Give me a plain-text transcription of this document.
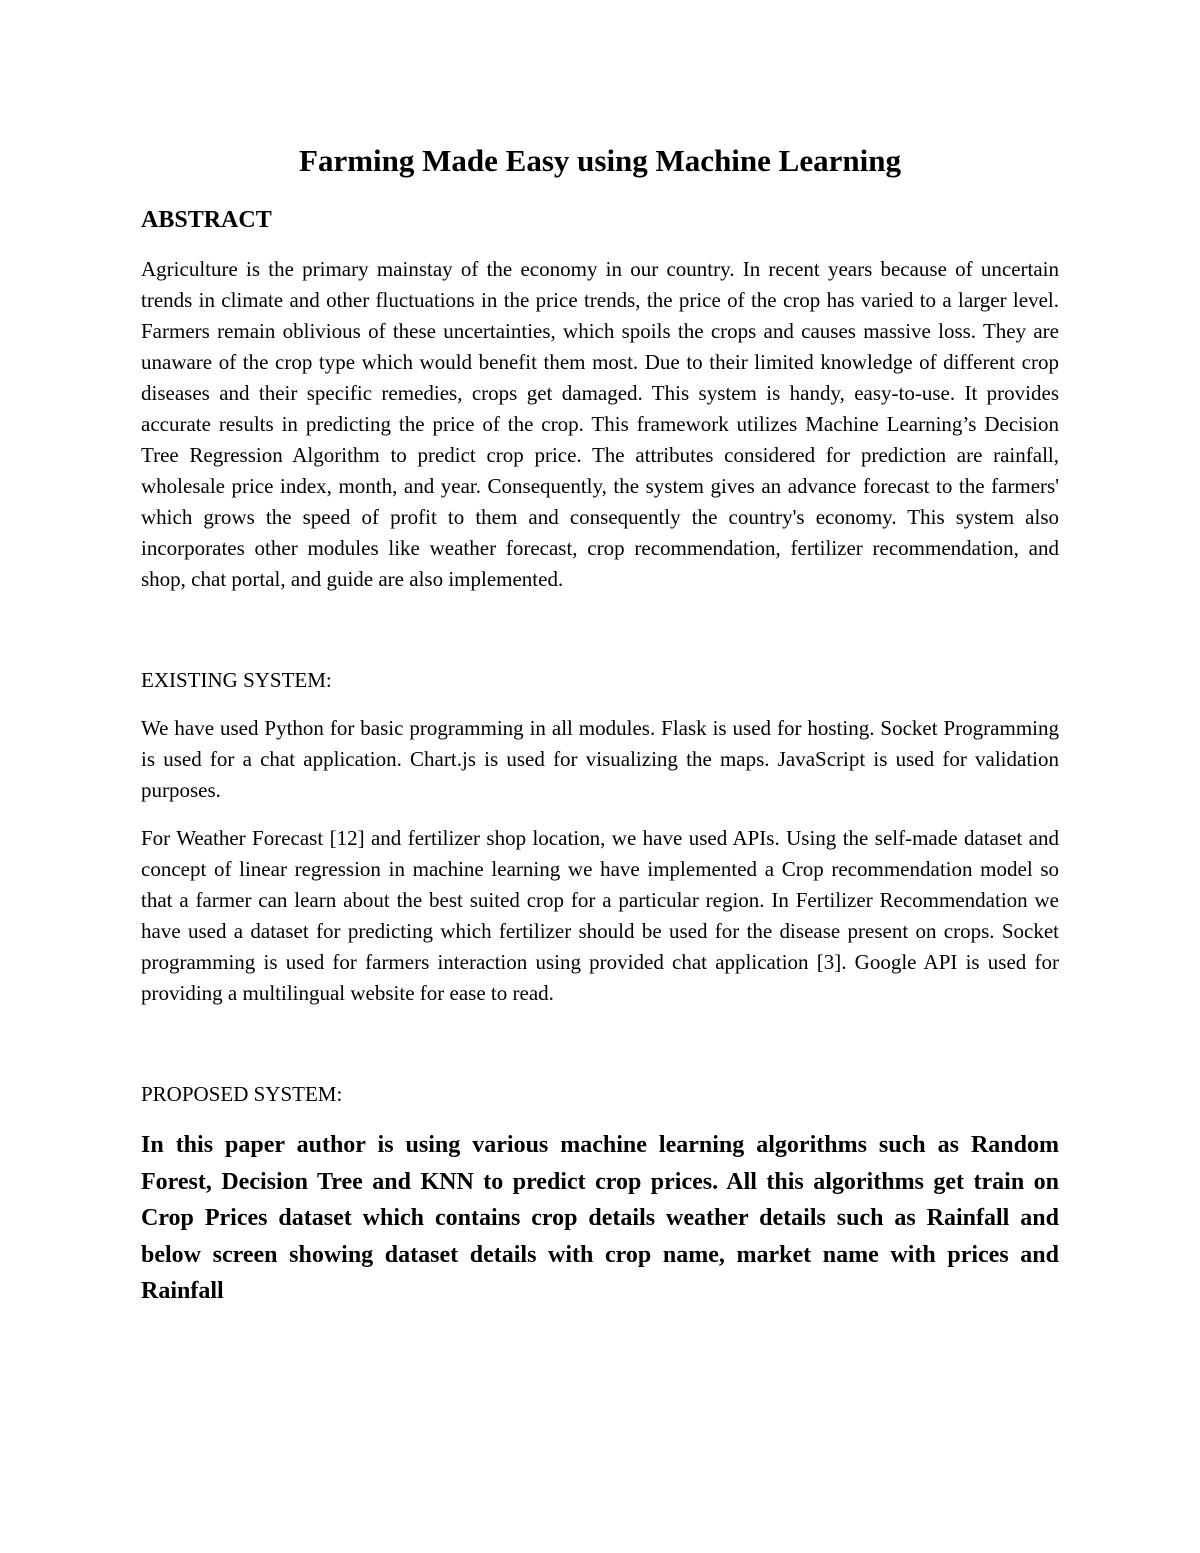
Farming Made Easy using Machine Learning
ABSTRACT

Agriculture is the primary mainstay of the economy in our country. In recent years because of uncertain trends in climate and other fluctuations in the price trends, the price of the crop has varied to a larger level. Farmers remain oblivious of these uncertainties, which spoils the crops and causes massive loss. They are unaware of the crop type which would benefit them most. Due to their limited knowledge of different crop diseases and their specific remedies, crops get damaged. This system is handy, easy-to-use. It provides accurate results in predicting the price of the crop. This framework utilizes Machine Learning’s Decision Tree Regression Algorithm to predict crop price. The attributes considered for prediction are rainfall, wholesale price index, month, and year. Consequently, the system gives an advance forecast to the farmers' which grows the speed of profit to them and consequently the country's economy. This system also incorporates other modules like weather forecast, crop recommendation, fertilizer recommendation, and shop, chat portal, and guide are also implemented.

EXISTING SYSTEM:

We have used Python for basic programming in all modules. Flask is used for hosting. Socket Programming is used for a chat application. Chart.js is used for visualizing the maps. JavaScript is used for validation purposes.

For Weather Forecast [12] and fertilizer shop location, we have used APIs. Using the self-made dataset and concept of linear regression in machine learning we have implemented a Crop recommendation model so that a farmer can learn about the best suited crop for a particular region. In Fertilizer Recommendation we have used a dataset for predicting which fertilizer should be used for the disease present on crops. Socket programming is used for farmers interaction using provided chat application [3]. Google API is used for providing a multilingual website for ease to read.

PROPOSED SYSTEM:

In this paper author is using various machine learning algorithms such as Random Forest, Decision Tree and KNN to predict crop prices. All this algorithms get train on Crop Prices dataset which contains crop details weather details such as Rainfall and below screen showing dataset details with crop name, market name with prices and Rainfall
